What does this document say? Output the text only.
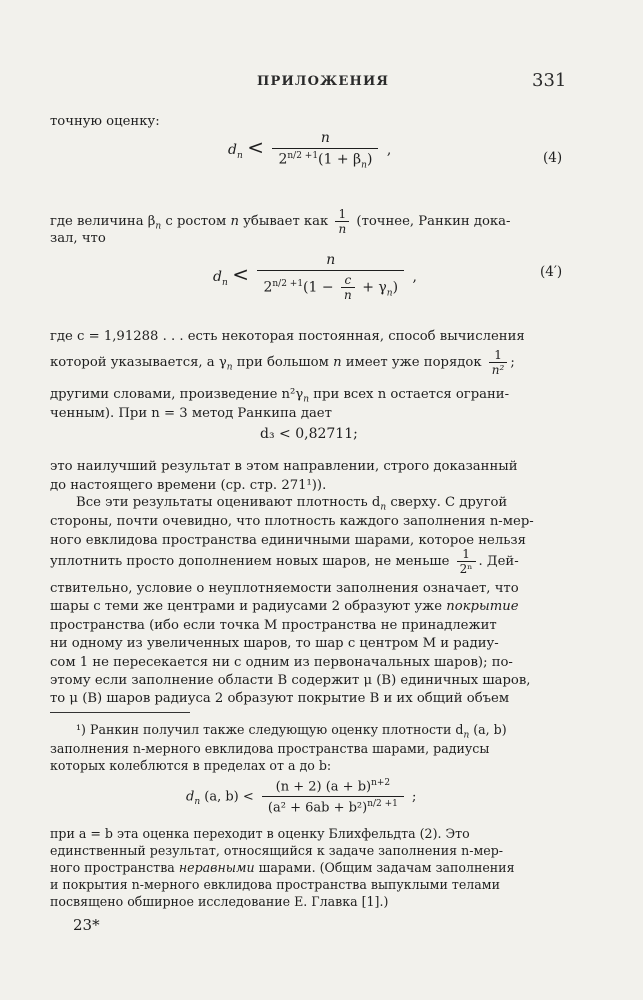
ПРИЛОЖЕНИЯ	331
точную оценку:
$d_n < \frac{n}{2^{n/2 +1}(1 + \beta_n)}$ ,	(4)
где величина $\beta_n$ с ростом n убывает как $\frac{1}{n}$ (точнее, Ранкин дока-
зал, что
$d_n < \frac{n}{2^{n/2 +1}(1 - \frac{c}{n} + \gamma_n)}$ ,	(4′)
где c = 1,91288 . . . есть некоторая постоянная, способ вычисления
которой указывается, а $\gamma_n$ при большом n имеет уже порядок $\frac{1}{\text{n²}}$ ;
другими словами, произведение $n^2\gamma_n$ при всех n остается ограни-
ченным). При n = 3 метод Ранкипа дает
d₃ < 0,82711;
это наилучший результат в этом направлении, строго доказанный
до настоящего времени (ср. стр. 271¹)).
Все эти результаты оценивают плотность $d_n$ сверху. С другой
стороны, почти очевидно, что плотность каждого заполнения n-мер-
ного евклидова пространства единичными шарами, которое нельзя
уплотнить просто дополнением новых шаров, не меньше $\frac{1}{\text{2ⁿ}}$ . Дей-
ствительно, условие о неуплотняемости заполнения означает, что
шары с теми же центрами и радиусами 2 образуют уже покрытие
пространства (ибо если точка M пространства не принадлежит
ни одному из увеличенных шаров, то шар с центром M и радиу-
сом 1 не пересекается ни с одним из первоначальных шаров); по-
этому если заполнение области B содержит μ (B) единичных шаров,
то μ (B) шаров радиуса 2 образуют покрытие B и их общий объем
¹) Ранкин получил также следующую оценку плотности $d_n$ (a, b)
заполнения n-мерного евклидова пространства шарами, радиусы
которых колеблются в пределах от a до b:
$d_n$ (a, $b) < \frac{(n + 2) (a + b)^{n+2}}{(a^2 + 6ab + b^2)^{n/2 +1}}$ ;
при a = b эта оценка переходит в оценку Блихфельдта (2). Это
единственный результат, относящийся к задаче заполнения n-мер-
ного пространства неравными шарами. (Общим задачам заполнения
и покрытия n-мерного евклидова пространства выпуклыми телами
посвящено обширное исследование Е. Главка [1].)
23*
